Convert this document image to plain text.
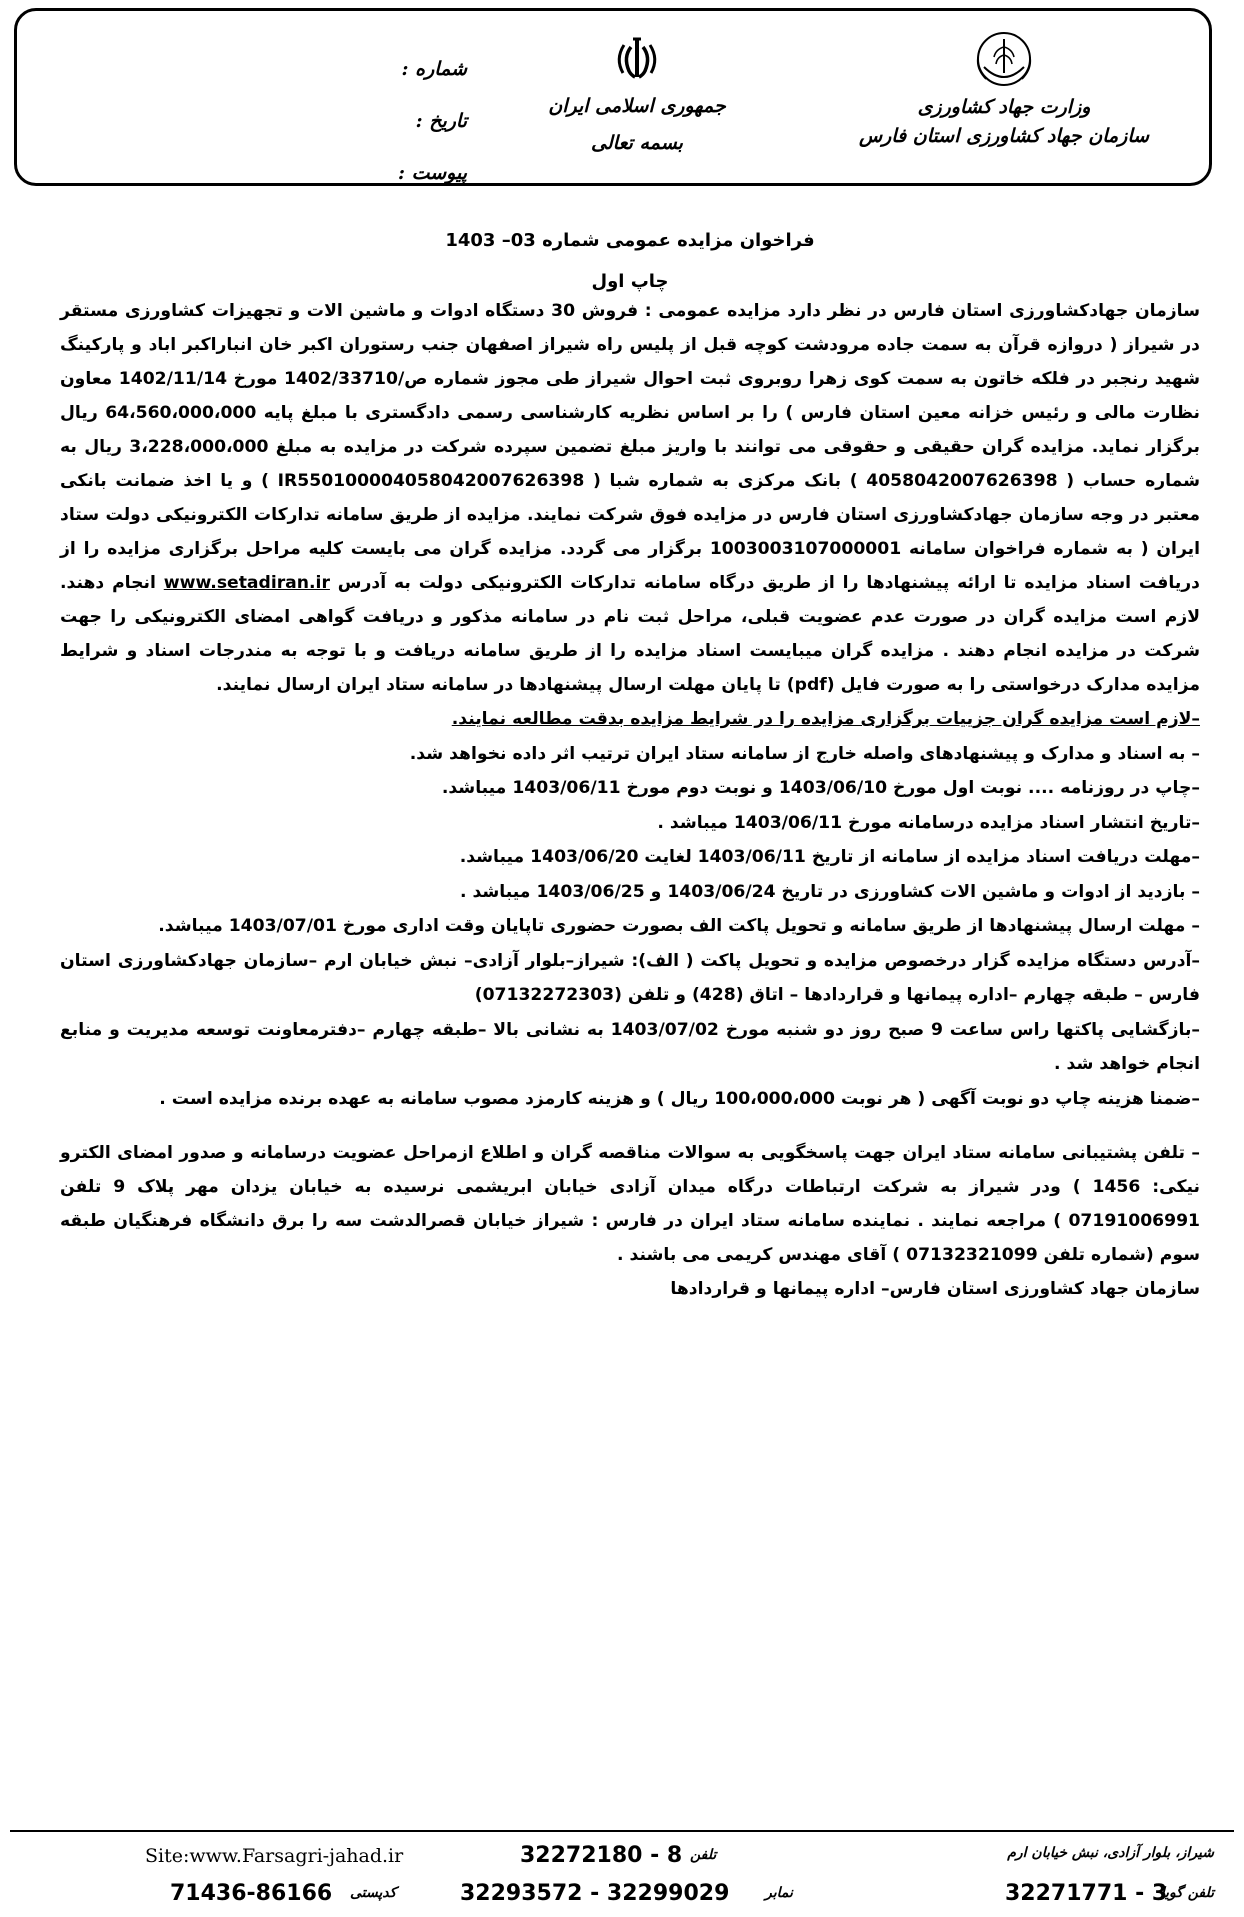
وزارت جهاد کشاورزی
سازمان جهاد کشاورزی استان فارس
جمهوری اسلامی ایران
بسمه تعالی
شماره :
تاریخ :
پیوست :

فراخوان مزایده عمومی شماره 03– 1403

چاپ اول

سازمان جهادکشاورزی استان فارس در نظر دارد مزایده عمومی : فروش 30 دستگاه ادوات و ماشین الات و تجهیزات کشاورزی مستقر در شیراز ( دروازه قرآن به سمت جاده مرودشت کوچه قبل از پلیس راه شیراز اصفهان جنب رستوران اکبر خان انباراکبر اباد و پارکینگ شهید رنجبر در فلکه خاتون به سمت کوی زهرا روبروی ثبت احوال شیراز طی مجوز شماره ص/1402/33710 مورخ 1402/11/14 معاون نظارت مالی و رئیس خزانه معین استان فارس ) را بر اساس نظریه کارشناسی رسمی دادگستری با مبلغ پایه 64،560،000،000 ریال برگزار نماید. مزایده گران حقیقی و حقوقی می توانند با واریز مبلغ تضمین سپرده شرکت در مزایده به مبلغ 3،228،000،000 ریال به شماره حساب ( 4058042007626398 ) بانک مرکزی به شماره شبا ( IR550100004058042007626398 ) و یا اخذ ضمانت بانکی معتبر در وجه سازمان جهادکشاورزی استان فارس در مزایده فوق شرکت نمایند. مزایده از طریق سامانه تدارکات الکترونیکی دولت ستاد ایران ( به شماره فراخوان سامانه 1003003107000001 برگزار می گردد. مزایده گران می بایست کلیه مراحل برگزاری مزایده را از دریافت اسناد مزایده تا ارائه پیشنهادها را از طریق درگاه سامانه تدارکات الکترونیکی دولت به آدرس www.setadiran.ir انجام دهند. لازم است مزایده گران در صورت عدم عضویت قبلی، مراحل ثبت نام در سامانه مذکور و دریافت گواهی امضای الکترونیکی را جهت شرکت در مزایده انجام دهند . مزایده گران میبایست اسناد مزایده را از طریق سامانه دریافت و با توجه به مندرجات اسناد و شرایط مزایده مدارک درخواستی را به صورت فایل (pdf) تا پایان مهلت ارسال پیشنهادها در سامانه ستاد ایران ارسال نمایند.

–لازم است مزایده گران جزییات برگزاری مزایده را در شرایط مزایده بدقت مطالعه نمایند.

– به اسناد و مدارک و پیشنهادهای واصله خارج از سامانه ستاد ایران ترتیب اثر داده نخواهد شد.

–چاپ در روزنامه .... نوبت اول مورخ 1403/06/10 و نوبت دوم مورخ 1403/06/11 میباشد.

–تاریخ انتشار اسناد مزایده درسامانه مورخ 1403/06/11 میباشد .

–مهلت دریافت اسناد مزایده از سامانه از تاریخ 1403/06/11 لغایت 1403/06/20 میباشد.

– بازدید از ادوات و ماشین الات کشاورزی در تاریخ 1403/06/24 و 1403/06/25 میباشد .

– مهلت ارسال پیشنهادها از طریق سامانه و تحویل پاکت الف بصورت حضوری تاپایان وقت اداری مورخ 1403/07/01 میباشد.

–آدرس دستگاه مزایده گزار درخصوص مزایده و تحویل پاکت ( الف): شیراز–بلوار آزادی– نبش خیابان ارم –سازمان جهادکشاورزی استان فارس – طبقه چهارم –اداره پیمانها و قراردادها – اتاق (428) و تلفن (07132272303)

–بازگشایی پاکتها راس ساعت 9 صبح روز دو شنبه مورخ 1403/07/02 به نشانی بالا –طبقه چهارم –دفترمعاونت توسعه مدیریت و منابع انجام خواهد شد .

–ضمنا هزینه چاپ دو نوبت آگهی ( هر نوبت 100،000،000 ریال ) و هزینه کارمزد مصوب سامانه به عهده برنده مزایده است .

– تلفن پشتیبانی سامانه ستاد ایران جهت پاسخگویی به سوالات مناقصه گران و اطلاع ازمراحل عضویت درسامانه و صدور امضای الکترو نیکی: 1456 ) ودر شیراز به شرکت ارتباطات درگاه میدان آزادی خیابان ابریشمی نرسیده به خیابان یزدان مهر پلاک 9 تلفن 07191006991 ) مراجعه نمایند . نماینده سامانه ستاد ایران در فارس : شیراز خیابان قصرالدشت سه را برق دانشگاه فرهنگیان طبقه سوم (شماره تلفن 07132321099 ) آقای مهندس کریمی می باشند .

سازمان جهاد کشاورزی استان فارس– اداره پیمانها و قراردادها

Site:www.Farsagri-jahad.ir
71436-86166 کدپستی
32272180 - 8 تلفن
32293572 - 32299029	نمابر
شیراز، بلوار آزادی، نبش خیابان ارم
32271771 - 3
تلفن گویا
